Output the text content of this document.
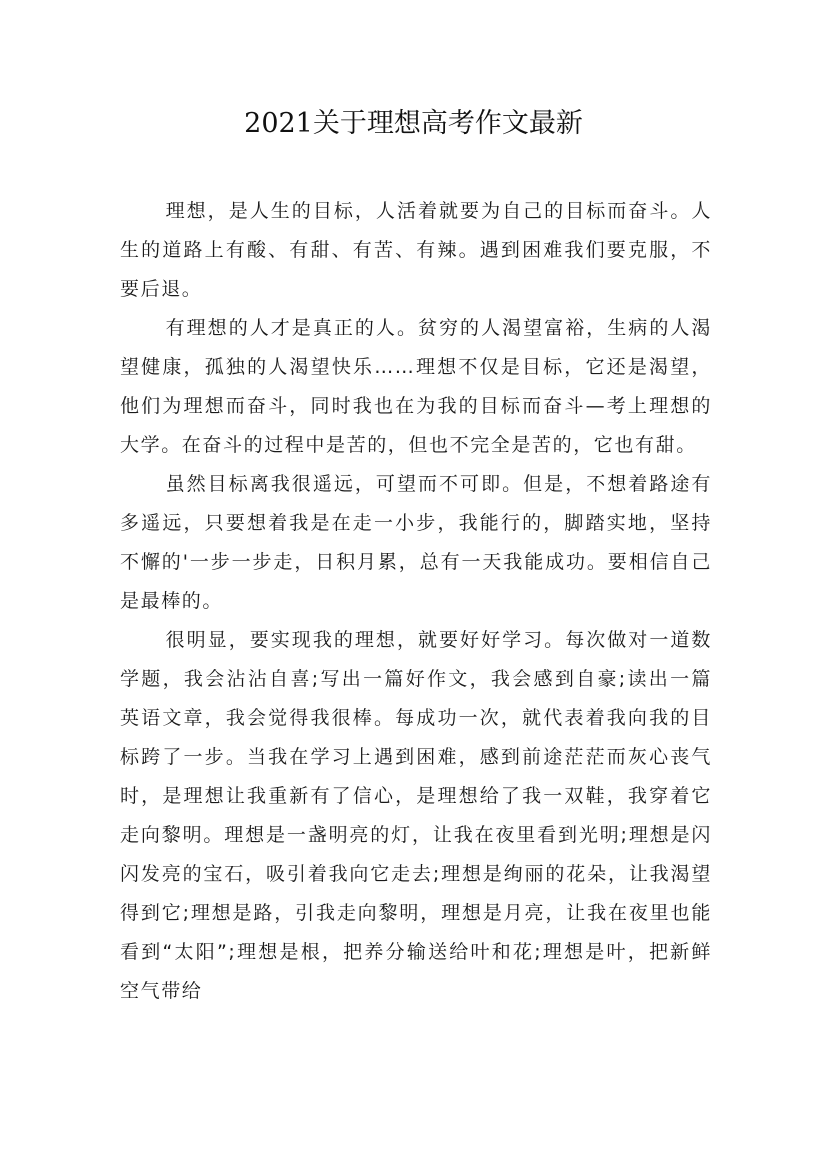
2021关于理想高考作文最新

理想，是人生的目标，人活着就要为自己的目标而奋斗。人生的道路上有酸、有甜、有苦、有辣。遇到困难我们要克服，不要后退。

有理想的人才是真正的人。贫穷的人渴望富裕，生病的人渴望健康，孤独的人渴望快乐……理想不仅是目标，它还是渴望，他们为理想而奋斗，同时我也在为我的目标而奋斗—考上理想的大学。在奋斗的过程中是苦的，但也不完全是苦的，它也有甜。

虽然目标离我很遥远，可望而不可即。但是，不想着路途有多遥远，只要想着我是在走一小步，我能行的，脚踏实地，坚持不懈的'一步一步走，日积月累，总有一天我能成功。要相信自己是最棒的。

很明显，要实现我的理想，就要好好学习。每次做对一道数学题，我会沾沾自喜;写出一篇好作文，我会感到自豪;读出一篇英语文章，我会觉得我很棒。每成功一次，就代表着我向我的目标跨了一步。当我在学习上遇到困难，感到前途茫茫而灰心丧气时，是理想让我重新有了信心，是理想给了我一双鞋，我穿着它走向黎明。理想是一盏明亮的灯，让我在夜里看到光明;理想是闪闪发亮的宝石，吸引着我向它走去;理想是绚丽的花朵，让我渴望得到它;理想是路，引我走向黎明，理想是月亮，让我在夜里也能看到“太阳”;理想是根，把养分输送给叶和花;理想是叶，把新鲜空气带给
